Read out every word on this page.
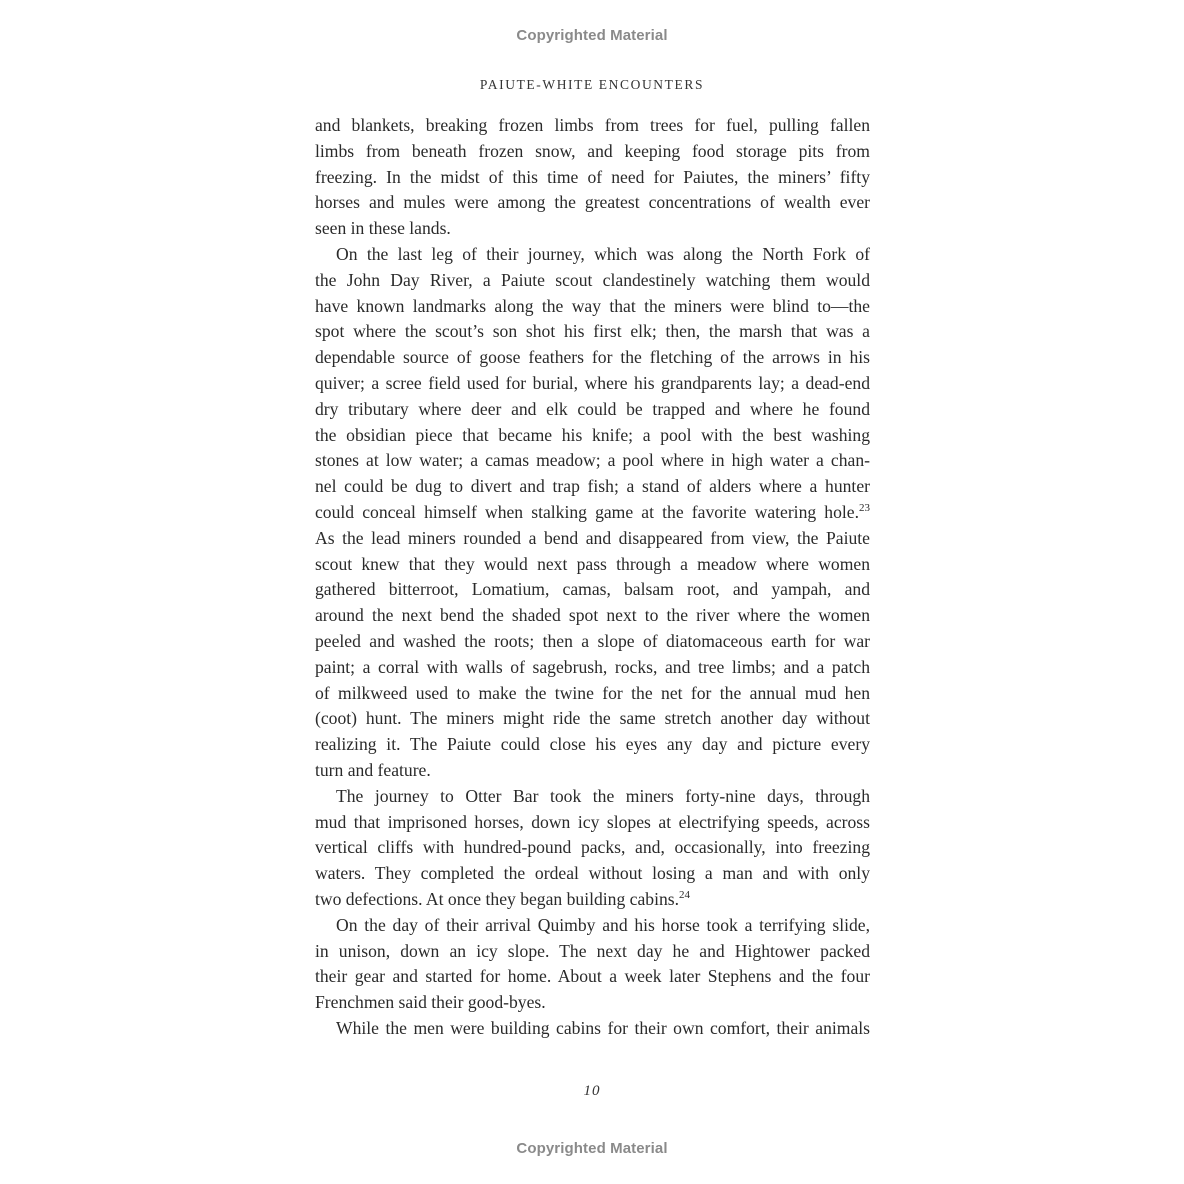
Copyrighted Material
PAIUTE-WHITE ENCOUNTERS
and blankets, breaking frozen limbs from trees for fuel, pulling fallen
limbs from beneath frozen snow, and keeping food storage pits from
freezing. In the midst of this time of need for Paiutes, the miners’ fifty
horses and mules were among the greatest concentrations of wealth ever
seen in these lands.
On the last leg of their journey, which was along the North Fork of
the John Day River, a Paiute scout clandestinely watching them would
have known landmarks along the way that the miners were blind to—the
spot where the scout’s son shot his first elk; then, the marsh that was a
dependable source of goose feathers for the fletching of the arrows in his
quiver; a scree field used for burial, where his grandparents lay; a dead-end
dry tributary where deer and elk could be trapped and where he found
the obsidian piece that became his knife; a pool with the best washing
stones at low water; a camas meadow; a pool where in high water a chan-
nel could be dug to divert and trap fish; a stand of alders where a hunter
could conceal himself when stalking game at the favorite watering hole.$^{23}$
As the lead miners rounded a bend and disappeared from view, the Paiute
scout knew that they would next pass through a meadow where women
gathered bitterroot, Lomatium, camas, balsam root, and yampah, and
around the next bend the shaded spot next to the river where the women
peeled and washed the roots; then a slope of diatomaceous earth for war
paint; a corral with walls of sagebrush, rocks, and tree limbs; and a patch
of milkweed used to make the twine for the net for the annual mud hen
(coot) hunt. The miners might ride the same stretch another day without
realizing it. The Paiute could close his eyes any day and picture every
turn and feature.
The journey to Otter Bar took the miners forty-nine days, through
mud that imprisoned horses, down icy slopes at electrifying speeds, across
vertical cliffs with hundred-pound packs, and, occasionally, into freezing
waters. They completed the ordeal without losing a man and with only
two defections. At once they began building cabins.$^{24}$
On the day of their arrival Quimby and his horse took a terrifying slide,
in unison, down an icy slope. The next day he and Hightower packed
their gear and started for home. About a week later Stephens and the four
Frenchmen said their good-byes.
While the men were building cabins for their own comfort, their animals
10
Copyrighted Material
